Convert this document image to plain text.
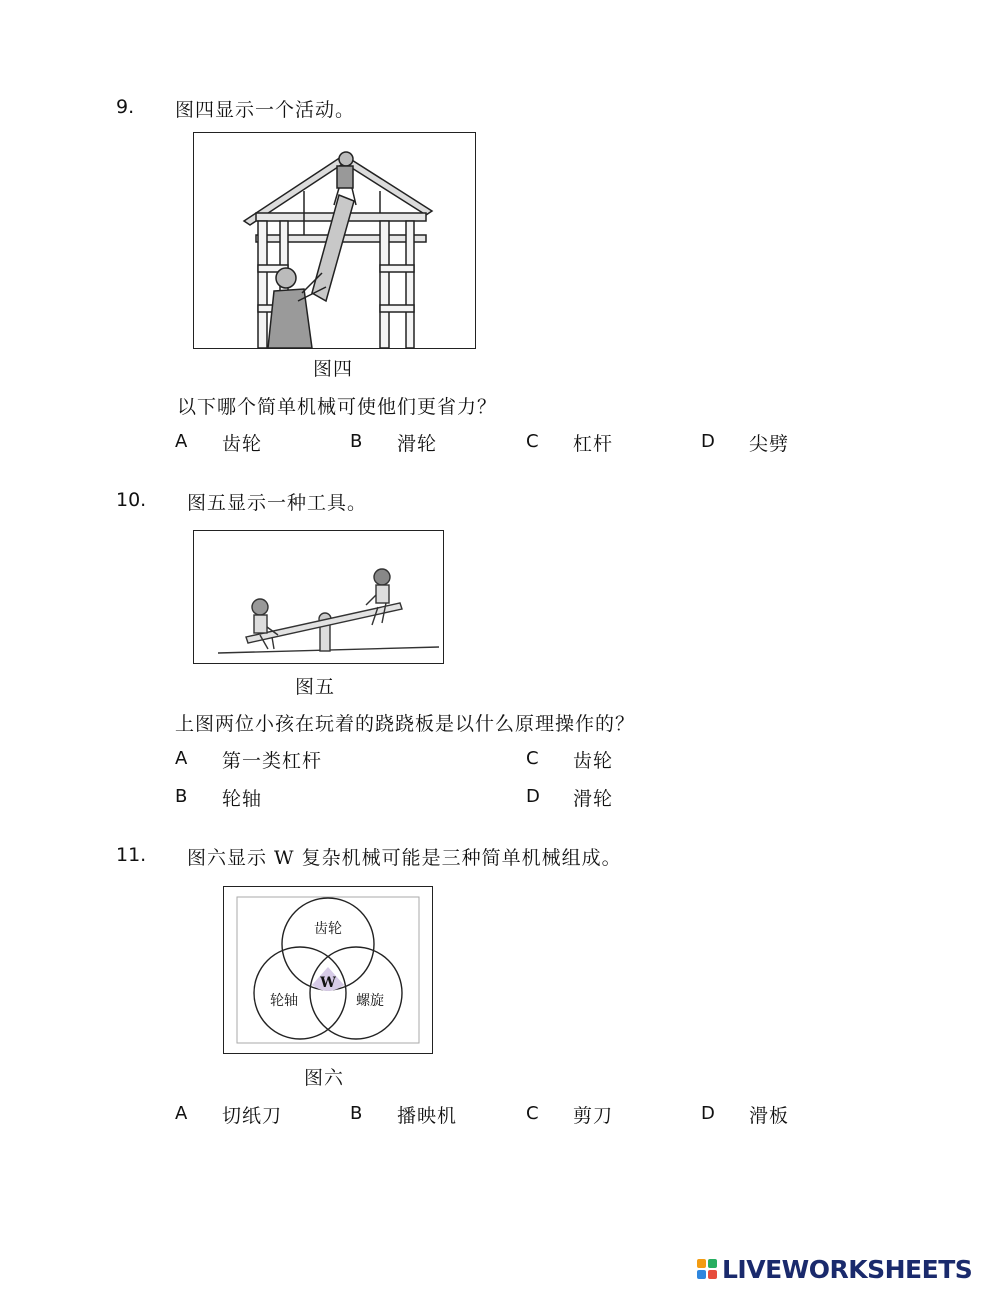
9. 图四显示一个活动。
图四
以下哪个简单机械可使他们更省力？
A 齿轮	B 滑轮	C 杠杆	D 尖劈
10. 图五显示一种工具。
图五
上图两位小孩在玩着的跷跷板是以什么原理操作的？
A 第一类杠杆
B 轮轴
C 齿轮
D 滑轮
11. 图六显示 W 复杂机械可能是三种简单机械组成。
齿轮
轮轴	螺旋
W
图六
A 切纸刀	B 播映机	C 剪刀	D 滑板
LIVEWORKSHEETS
